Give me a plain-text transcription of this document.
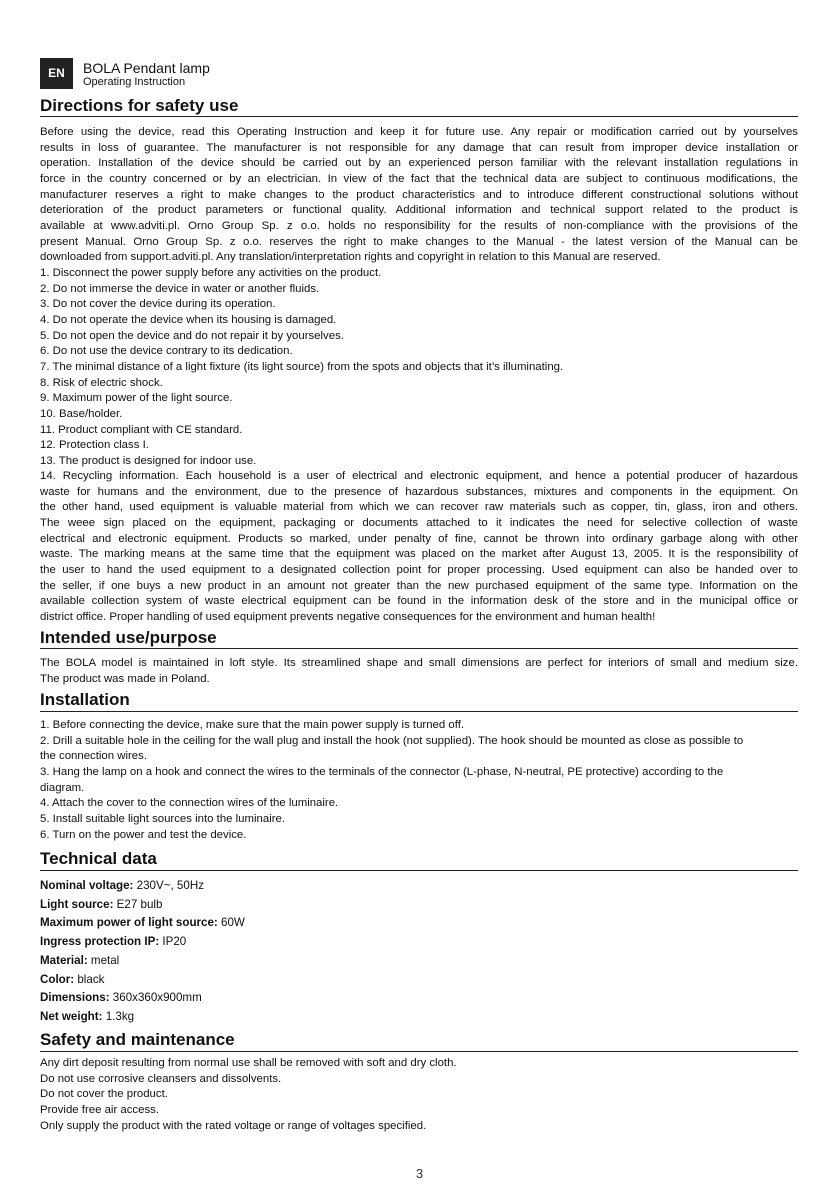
EN	BOLA Pendant lamp
Operating Instruction
Directions for safety use
Before using the device, read this Operating Instruction and keep it for future use. Any repair or modification carried out by yourselves
results in loss of guarantee. The manufacturer is not responsible for any damage that can result from improper device installation or
operation. Installation of the device should be carried out by an experienced person familiar with the relevant installation regulations in
force in the country concerned or by an electrician. In view of the fact that the technical data are subject to continuous modifications, the
manufacturer reserves a right to make changes to the product characteristics and to introduce different constructional solutions without
deterioration of the product parameters or functional quality. Additional information and technical support related to the product is
available at www.adviti.pl. Orno Group Sp. z o.o. holds no responsibility for the results of non-compliance with the provisions of the
present Manual. Orno Group Sp. z o.o. reserves the right to make changes to the Manual - the latest version of the Manual can be
downloaded from support.adviti.pl. Any translation/interpretation rights and copyright in relation to this Manual are reserved.
1. Disconnect the power supply before any activities on the product.
2. Do not immerse the device in water or another fluids.
3. Do not cover the device during its operation.
4. Do not operate the device when its housing is damaged.
5. Do not open the device and do not repair it by yourselves.
6. Do not use the device contrary to its dedication.
7. The minimal distance of a light fixture (its light source) from the spots and objects that it’s illuminating.
8. Risk of electric shock.
9. Maximum power of the light source.
10. Base/holder.
11. Product compliant with CE standard.
12. Protection class I.
13. The product is designed for indoor use.
14. Recycling information. Each household is a user of electrical and electronic equipment, and hence a potential producer of hazardous
waste for humans and the environment, due to the presence of hazardous substances, mixtures and components in the equipment. On
the other hand, used equipment is valuable material from which we can recover raw materials such as copper, tin, glass, iron and others.
The weee sign placed on the equipment, packaging or documents attached to it indicates the need for selective collection of waste
electrical and electronic equipment. Products so marked, under penalty of fine, cannot be thrown into ordinary garbage along with other
waste. The marking means at the same time that the equipment was placed on the market after August 13, 2005. It is the responsibility of
the user to hand the used equipment to a designated collection point for proper processing. Used equipment can also be handed over to
the seller, if one buys a new product in an amount not greater than the new purchased equipment of the same type. Information on the
available collection system of waste electrical equipment can be found in the information desk of the store and in the municipal office or
district office. Proper handling of used equipment prevents negative consequences for the environment and human health!
Intended use/purpose
The BOLA model is maintained in loft style. Its streamlined shape and small dimensions are perfect for interiors of small and medium size.
The product was made in Poland.
Installation
1. Before connecting the device, make sure that the main power supply is turned off.
2. Drill a suitable hole in the ceiling for the wall plug and install the hook (not supplied). The hook should be mounted as close as possible to
the connection wires.
3. Hang the lamp on a hook and connect the wires to the terminals of the connector (L-phase, N-neutral, PE protective) according to the
diagram.
4. Attach the cover to the connection wires of the luminaire.
5. Install suitable light sources into the luminaire.
6. Turn on the power and test the device.
Technical data
Nominal voltage: 230V~, 50Hz
Light source: E27 bulb
Maximum power of light source: 60W
Ingress protection IP: IP20
Material: metal
Color: black
Dimensions: 360x360x900mm
Net weight: 1.3kg
Safety and maintenance
Any dirt deposit resulting from normal use shall be removed with soft and dry cloth.
Do not use corrosive cleansers and dissolvents.
Do not cover the product.
Provide free air access.
Only supply the product with the rated voltage or range of voltages specified.
3
